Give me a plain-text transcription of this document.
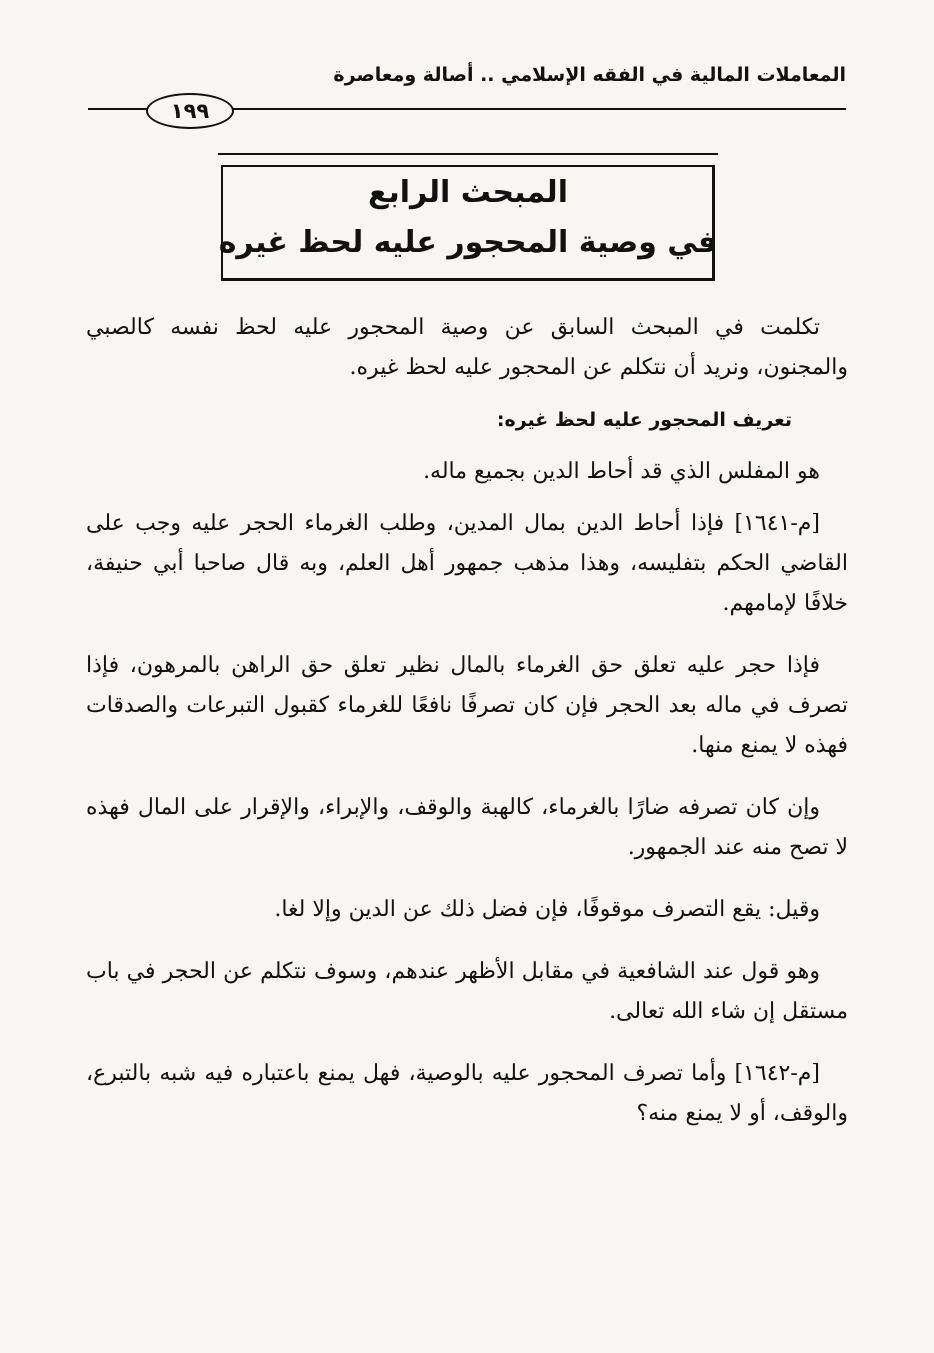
المعاملات المالية في الفقه الإسلامي .. أصالة ومعاصرة
١٩٩
المبحث الرابع
في وصية المحجور عليه لحظ غيره

تكلمت في المبحث السابق عن وصية المحجور عليه لحظ نفسه كالصبي والمجنون، ونريد أن نتكلم عن المحجور عليه لحظ غيره.

تعريف المحجور عليه لحظ غيره:

هو المفلس الذي قد أحاط الدين بجميع ماله.

[م-١٦٤١] فإذا أحاط الدين بمال المدين، وطلب الغرماء الحجر عليه وجب على القاضي الحكم بتفليسه، وهذا مذهب جمهور أهل العلم، وبه قال صاحبا أبي حنيفة، خلافًا لإمامهم.

فإذا حجر عليه تعلق حق الغرماء بالمال نظير تعلق حق الراهن بالمرهون، فإذا تصرف في ماله بعد الحجر فإن كان تصرفًا نافعًا للغرماء كقبول التبرعات والصدقات فهذه لا يمنع منها.

وإن كان تصرفه ضارًا بالغرماء، كالهبة والوقف، والإبراء، والإقرار على المال فهذه لا تصح منه عند الجمهور.

وقيل: يقع التصرف موقوفًا، فإن فضل ذلك عن الدين وإلا لغا.

وهو قول عند الشافعية في مقابل الأظهر عندهم، وسوف نتكلم عن الحجر في باب مستقل إن شاء الله تعالى.

[م-١٦٤٢] وأما تصرف المحجور عليه بالوصية، فهل يمنع باعتباره فيه شبه بالتبرع، والوقف، أو لا يمنع منه؟
